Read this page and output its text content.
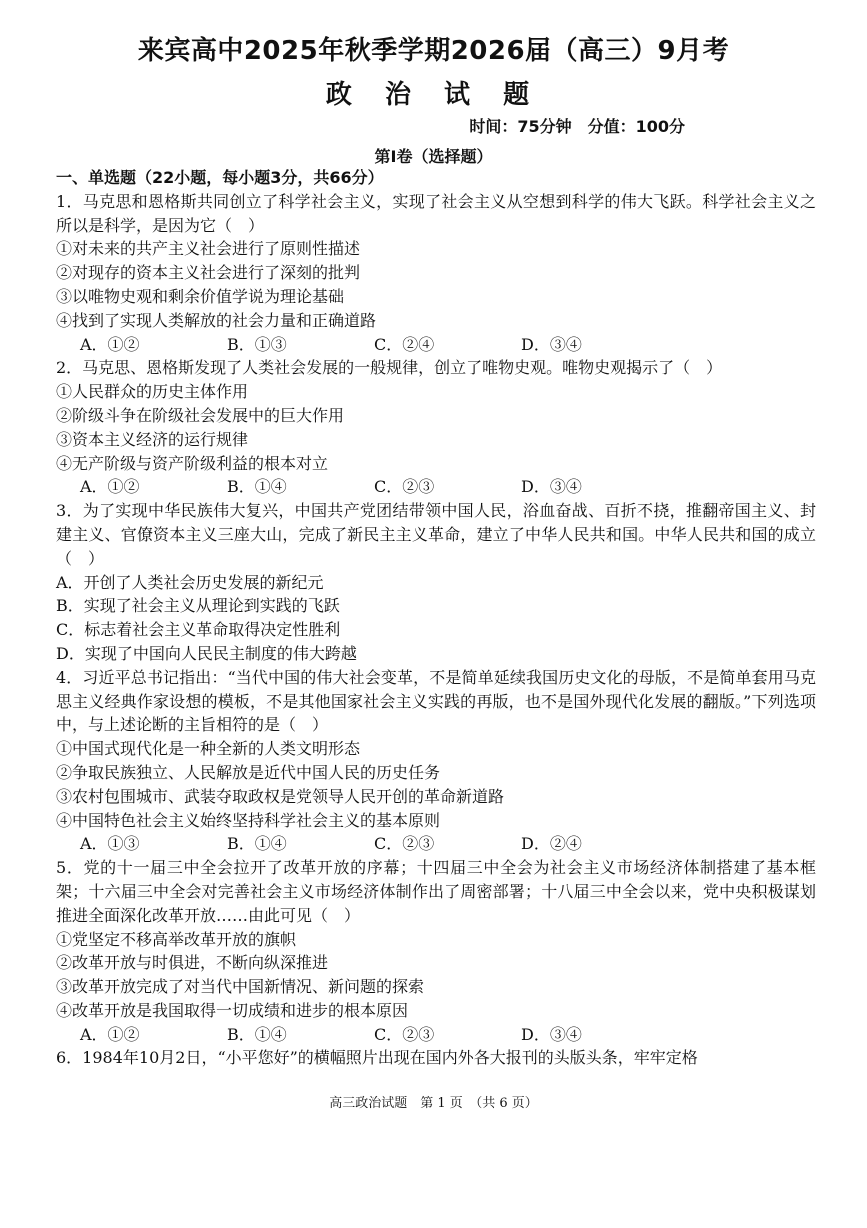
来宾高中2025年秋季学期2026届（高三）9月考
政 治 试 题
时间：75分钟　分值：100分
第Ⅰ卷（选择题）
一、单选题（22小题，每小题3分，共66分）
1．马克思和恩格斯共同创立了科学社会主义，实现了社会主义从空想到科学的伟大飞跃。科学社会主义之所以是科学，是因为它（　）
①对未来的共产主义社会进行了原则性描述
②对现存的资本主义社会进行了深刻的批判
③以唯物史观和剩余价值学说为理论基础
④找到了实现人类解放的社会力量和正确道路
A．①②	B．①③	C．②④	D．③④
2．马克思、恩格斯发现了人类社会发展的一般规律，创立了唯物史观。唯物史观揭示了（　）
①人民群众的历史主体作用
②阶级斗争在阶级社会发展中的巨大作用
③资本主义经济的运行规律
④无产阶级与资产阶级利益的根本对立
A．①②	B．①④	C．②③	D．③④
3．为了实现中华民族伟大复兴，中国共产党团结带领中国人民，浴血奋战、百折不挠，推翻帝国主义、封建主义、官僚资本主义三座大山，完成了新民主主义革命，建立了中华人民共和国。中华人民共和国的成立（　）
A．开创了人类社会历史发展的新纪元
B．实现了社会主义从理论到实践的飞跃
C．标志着社会主义革命取得决定性胜利
D．实现了中国向人民民主制度的伟大跨越
4．习近平总书记指出：“当代中国的伟大社会变革，不是简单延续我国历史文化的母版，不是简单套用马克思主义经典作家设想的模板，不是其他国家社会主义实践的再版，也不是国外现代化发展的翻版。”下列选项中，与上述论断的主旨相符的是（　）
①中国式现代化是一种全新的人类文明形态
②争取民族独立、人民解放是近代中国人民的历史任务
③农村包围城市、武装夺取政权是党领导人民开创的革命新道路
④中国特色社会主义始终坚持科学社会主义的基本原则
A．①③	B．①④	C．②③	D．②④
5．党的十一届三中全会拉开了改革开放的序幕；十四届三中全会为社会主义市场经济体制搭建了基本框架；十六届三中全会对完善社会主义市场经济体制作出了周密部署；十八届三中全会以来，党中央积极谋划推进全面深化改革开放……由此可见（　）
①党坚定不移高举改革开放的旗帜
②改革开放与时俱进，不断向纵深推进
③改革开放完成了对当代中国新情况、新问题的探索
④改革开放是我国取得一切成绩和进步的根本原因
A．①②	B．①④	C．②③	D．③④
6．1984年10月2日，“小平您好”的横幅照片出现在国内外各大报刊的头版头条，牢牢定格
高三政治试题　第 1 页　（共 6 页）
